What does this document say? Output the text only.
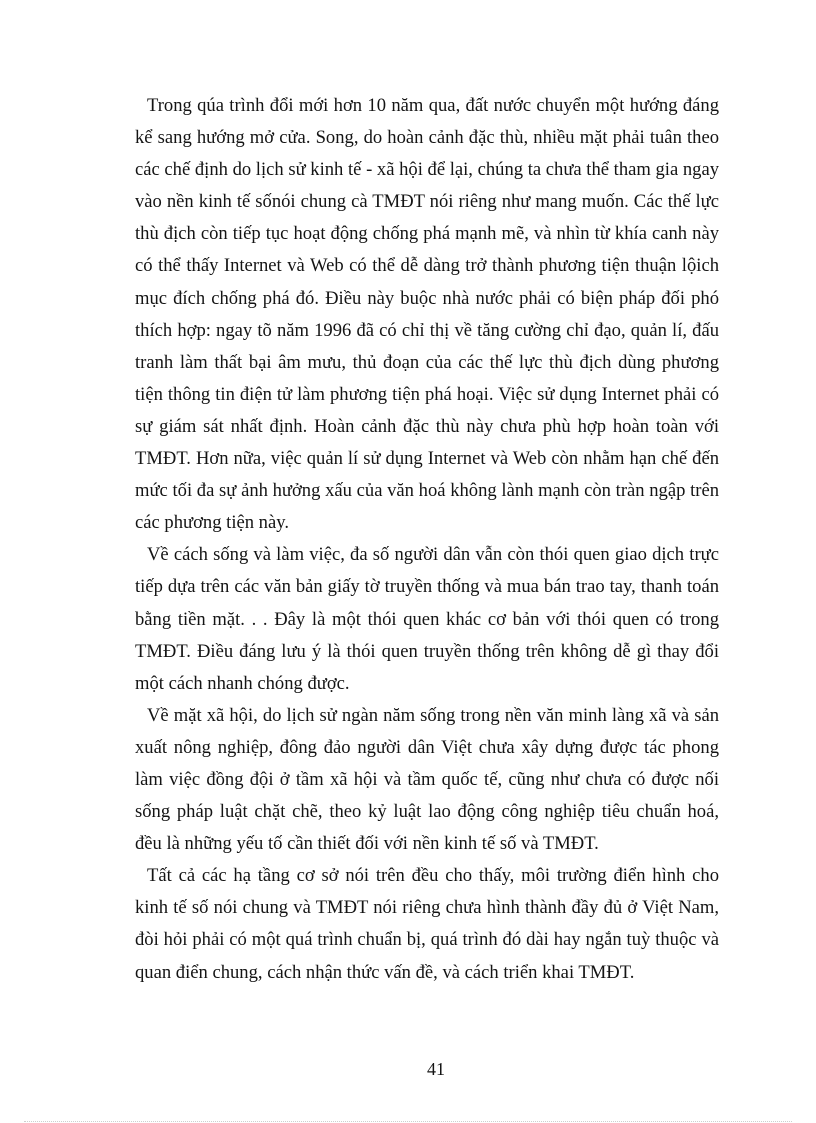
Trong qúa trình đổi mới hơn 10 năm qua, đất nước chuyển một hướng đáng kể sang hướng mở cửa. Song, do hoàn cảnh đặc thù, nhiều mặt phải tuân theo các chế định do lịch sử kinh tế - xã hội để lại, chúng ta chưa thể tham gia ngay vào nền kinh tế sốnói chung cà TMĐT nói riêng như mang muốn. Các thế lực thù địch còn tiếp tục hoạt động chống phá mạnh mẽ, và nhìn từ khía canh này có thể thấy Internet và Web có thể dễ dàng trở thành phương tiện thuận lộich mục đích chống phá đó. Điều này buộc nhà nước phải có biện pháp đối phó thích hợp: ngay tõ năm 1996 đã có chỉ thị về tăng cường chỉ đạo, quản lí, đấu tranh làm thất bại âm mưu, thủ đoạn của các thế lực thù địch dùng phương tiện thông tin điện tử làm phương tiện phá hoại. Việc sử dụng Internet phải có sự giám sát nhất định. Hoàn cảnh đặc thù này chưa phù hợp hoàn toàn với TMĐT. Hơn nữa, việc quản lí sử dụng Internet và Web còn nhằm hạn chế đến mức tối đa sự ảnh hưởng xấu của văn hoá không lành mạnh còn tràn ngập trên các phương tiện này.

Về cách sống và làm việc, đa số người dân vẫn còn thói quen giao dịch trực tiếp dựa trên các văn bản giấy tờ truyền thống và mua bán trao tay, thanh toán bằng tiền mặt. . . Đây là một thói quen khác cơ bản với thói quen có trong TMĐT. Điều đáng lưu ý là thói quen truyền thống trên không dễ gì thay đổi một cách nhanh chóng được.

Về mặt xã hội, do lịch sử ngàn năm sống trong nền văn minh làng xã và sản xuất nông nghiệp, đông đảo người dân Việt chưa xây dựng được tác phong làm việc đồng đội ở tầm xã hội và tầm quốc tế, cũng như chưa có được nối sống pháp luật chặt chẽ, theo kỷ luật lao động công nghiệp tiêu chuẩn hoá, đều là những yếu tố cần thiết đối với nền kinh tế số và TMĐT.

Tất cả các hạ tầng cơ sở nói trên đều cho thấy, môi trường điển hình cho kinh tế số nói chung và TMĐT nói riêng chưa hình thành đầy đủ ở Việt Nam, đòi hỏi phải có một quá trình chuẩn bị, quá trình đó dài hay ngắn tuỳ thuộc và quan điển chung, cách nhận thức vấn đề, và cách triển khai TMĐT.

41
